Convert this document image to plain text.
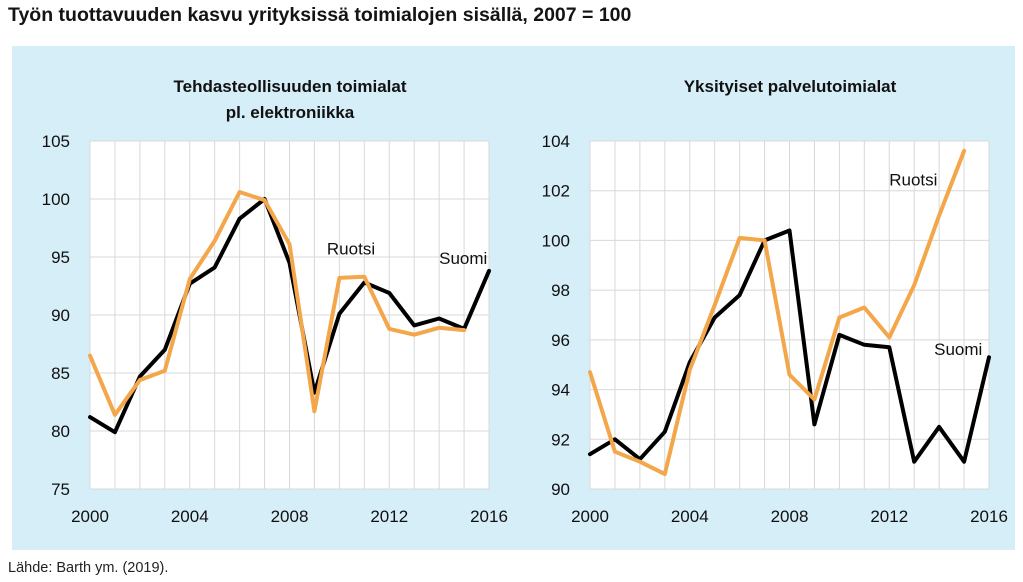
Työn tuottavuuden kasvu yrityksissä toimialojen sisällä, 2007 = 100
Tehdasteollisuuden toimialat
pl. elektroniikka
75
80
85
90
95
100
105
2000	2004	2008	2012	2016
Ruotsi	Suomi
Yksityiset palvelutoimialat
90
92
94
96
98
100
102
104
2000	2004	2008	2012	2016
Ruotsi
Suomi
Lähde: Barth ym. (2019).
